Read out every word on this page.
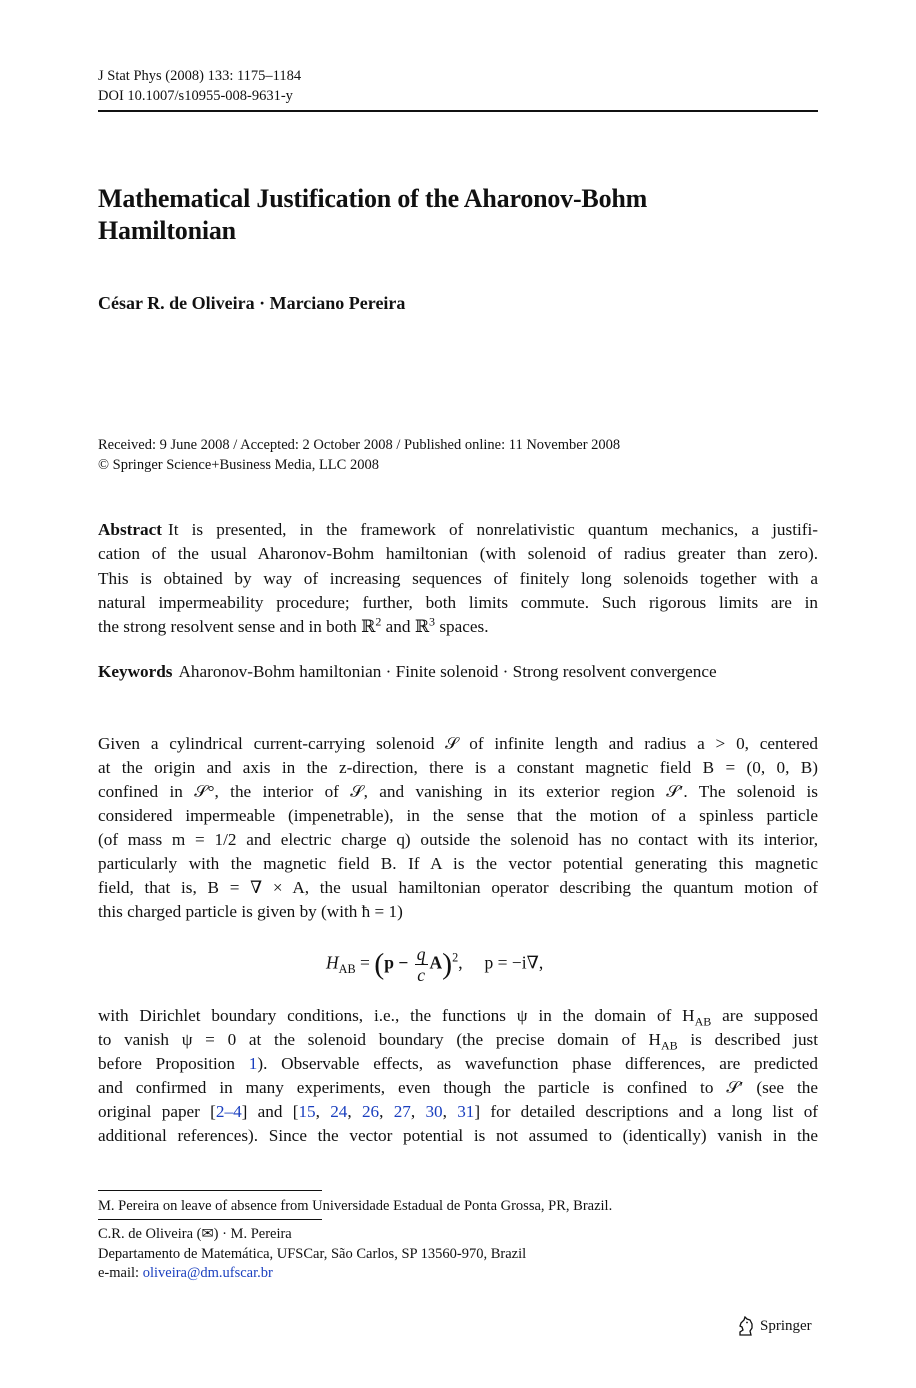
J Stat Phys (2008) 133: 1175–1184
DOI 10.1007/s10955-008-9631-y
Mathematical Justification of the Aharonov-Bohm
Hamiltonian
César R. de Oliveira · Marciano Pereira
Received: 9 June 2008 / Accepted: 2 October 2008 / Published online: 11 November 2008
© Springer Science+Business Media, LLC 2008
Abstract It is presented, in the framework of nonrelativistic quantum mechanics, a justifi-
cation of the usual Aharonov-Bohm hamiltonian (with solenoid of radius greater than zero).
This is obtained by way of increasing sequences of finitely long solenoids together with a
natural impermeability procedure; further, both limits commute. Such rigorous limits are in
the strong resolvent sense and in both ℝ$^2$ and ℝ$^3$ spaces.
Keywords Aharonov-Bohm hamiltonian · Finite solenoid · Strong resolvent convergence
Given a cylindrical current-carrying solenoid 𝒮 of infinite length and radius a > 0, centered
at the origin and axis in the z-direction, there is a constant magnetic field B = (0, 0, B)
confined in 𝒮°, the interior of 𝒮, and vanishing in its exterior region 𝒮′. The solenoid is
considered impermeable (impenetrable), in the sense that the motion of a spinless particle
(of mass m = 1/2 and electric charge q) outside the solenoid has no contact with its interior,
particularly with the magnetic field B. If A is the vector potential generating this magnetic
field, that is, B = ∇ × A, the usual hamiltonian operator describing the quantum motion of
this charged particle is given by (with ħ = 1)
$H_{AB} = (p - \frac{q}{c} A)^2$,     p = −i∇,
with Dirichlet boundary conditions, i.e., the functions ψ in the domain of $H_{AB}$ are supposed
to vanish ψ = 0 at the solenoid boundary (the precise domain of $H_{AB}$ is described just
before Proposition 1). Observable effects, as wavefunction phase differences, are predicted
and confirmed in many experiments, even though the particle is confined to 𝒮′ (see the
original paper [2–4] and [15, 24, 26, 27, 30, 31] for detailed descriptions and a long list of
additional references). Since the vector potential is not assumed to (identically) vanish in the
M. Pereira on leave of absence from Universidade Estadual de Ponta Grossa, PR, Brazil.
C.R. de Oliveira (✉) · M. Pereira
Departamento de Matemática, UFSCar, São Carlos, SP 13560-970, Brazil
e-mail: oliveira@dm.ufscar.br
Springer
